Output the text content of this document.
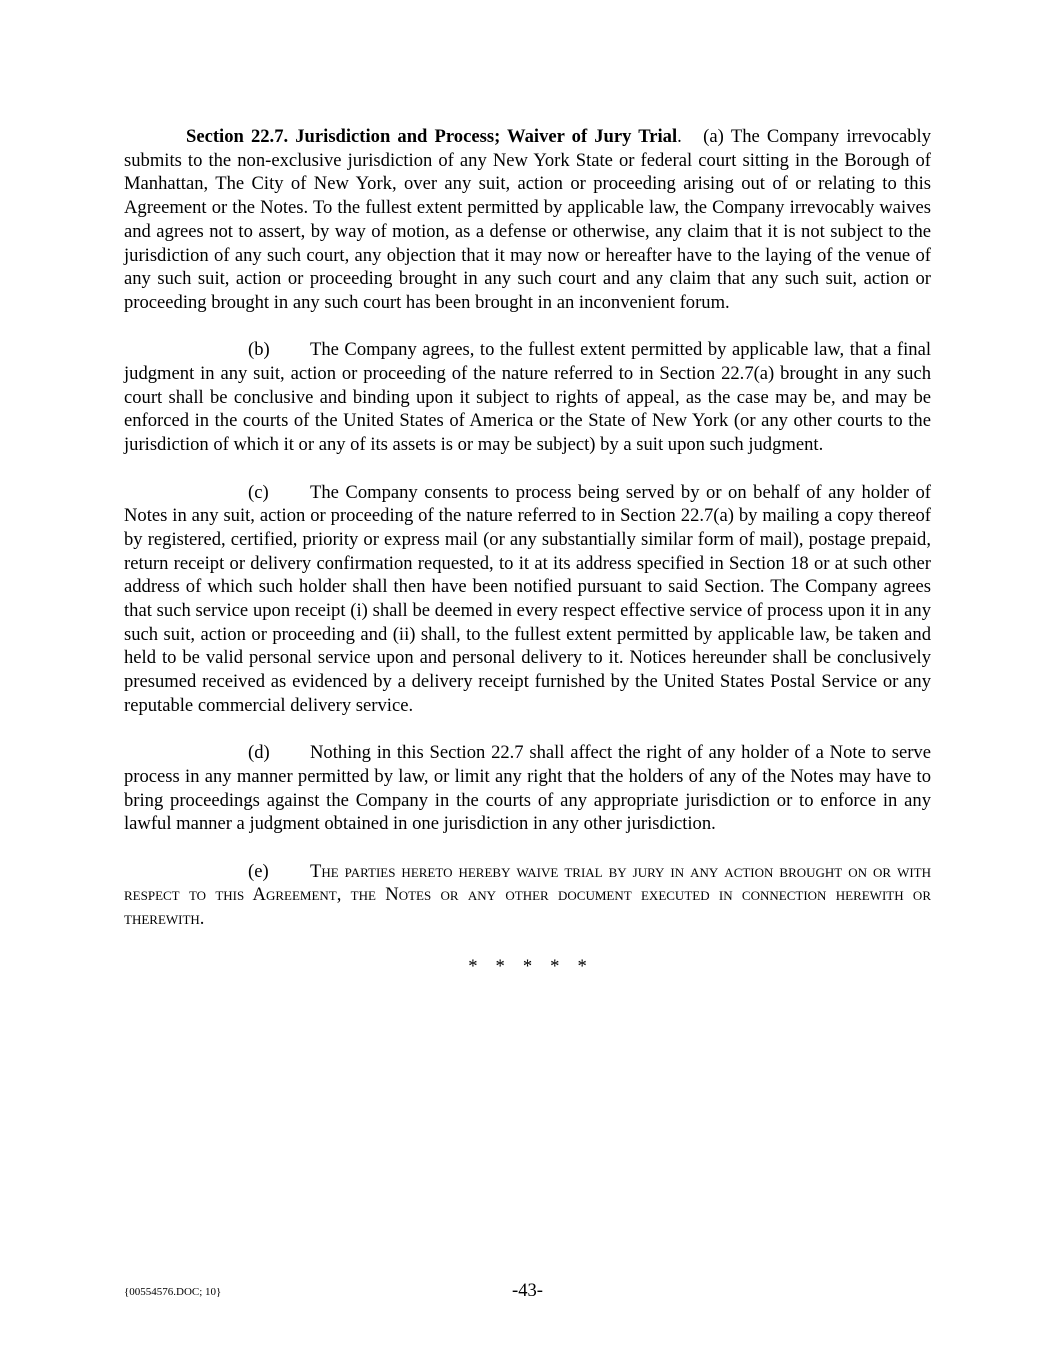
Section 22.7. Jurisdiction and Process; Waiver of Jury Trial. (a) The Company irrevocably submits to the non-exclusive jurisdiction of any New York State or federal court sitting in the Borough of Manhattan, The City of New York, over any suit, action or proceeding arising out of or relating to this Agreement or the Notes. To the fullest extent permitted by applicable law, the Company irrevocably waives and agrees not to assert, by way of motion, as a defense or otherwise, any claim that it is not subject to the jurisdiction of any such court, any objection that it may now or hereafter have to the laying of the venue of any such suit, action or proceeding brought in any such court and any claim that any such suit, action or proceeding brought in any such court has been brought in an inconvenient forum.

(b) The Company agrees, to the fullest extent permitted by applicable law, that a final judgment in any suit, action or proceeding of the nature referred to in Section 22.7(a) brought in any such court shall be conclusive and binding upon it subject to rights of appeal, as the case may be, and may be enforced in the courts of the United States of America or the State of New York (or any other courts to the jurisdiction of which it or any of its assets is or may be subject) by a suit upon such judgment.

(c) The Company consents to process being served by or on behalf of any holder of Notes in any suit, action or proceeding of the nature referred to in Section 22.7(a) by mailing a copy thereof by registered, certified, priority or express mail (or any substantially similar form of mail), postage prepaid, return receipt or delivery confirmation requested, to it at its address specified in Section 18 or at such other address of which such holder shall then have been notified pursuant to said Section. The Company agrees that such service upon receipt (i) shall be deemed in every respect effective service of process upon it in any such suit, action or proceeding and (ii) shall, to the fullest extent permitted by applicable law, be taken and held to be valid personal service upon and personal delivery to it. Notices hereunder shall be conclusively presumed received as evidenced by a delivery receipt furnished by the United States Postal Service or any reputable commercial delivery service.

(d) Nothing in this Section 22.7 shall affect the right of any holder of a Note to serve process in any manner permitted by law, or limit any right that the holders of any of the Notes may have to bring proceedings against the Company in the courts of any appropriate jurisdiction or to enforce in any lawful manner a judgment obtained in one jurisdiction in any other jurisdiction.

(e) The parties hereto hereby waive trial by jury in any action brought on or with respect to this Agreement, the Notes or any other document executed in connection herewith or therewith.

* * * * *

{00554576.DOC; 10}	-43-
